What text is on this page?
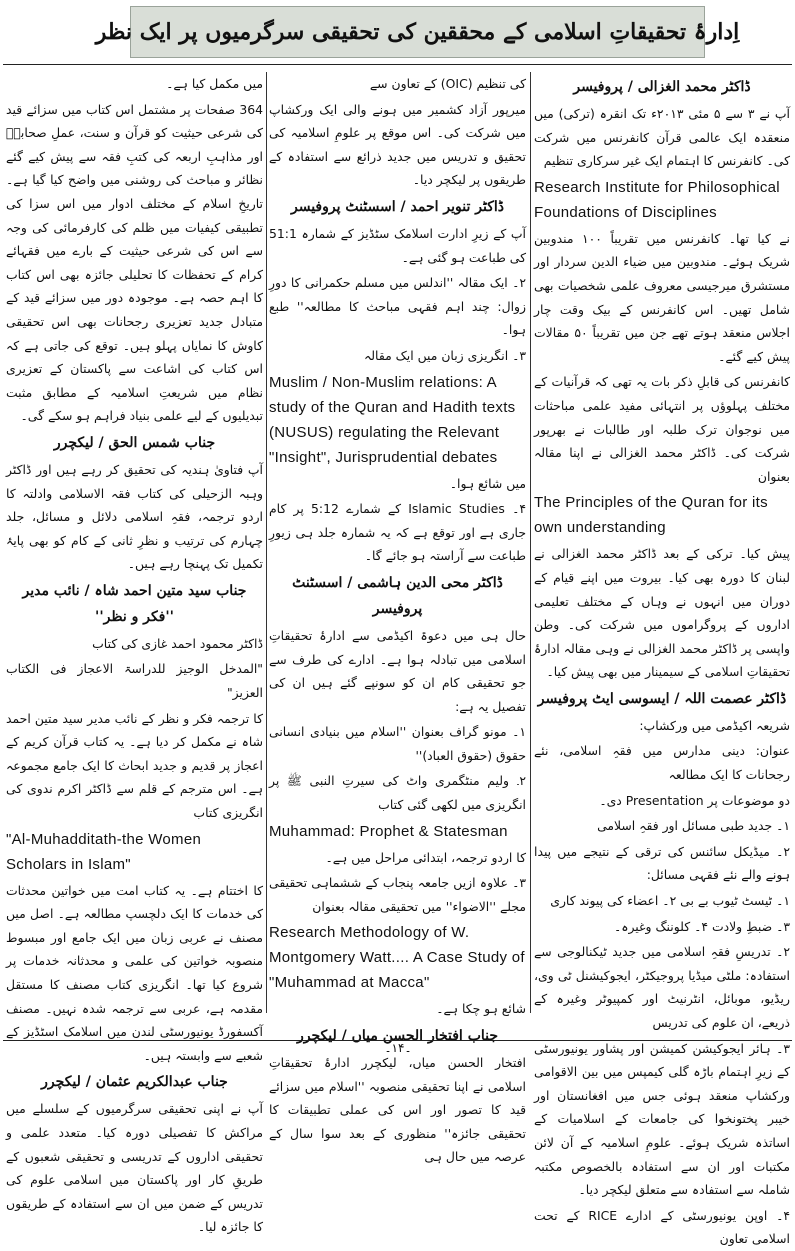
اِدارۂ تحقیقاتِ اسلامی کے محققین کی تحقیقی سرگرمیوں پر ایک نظر
ڈاکٹر محمد الغزالی / پروفیسر

آپ نے ۳ سے ۵ مئی ۲۰۱۳ء تک انقرہ (ترکی) میں منعقدہ ایک عالمی قرآن کانفرنس میں شرکت کی۔ کانفرنس کا اہتمام ایک غیر سرکاری تنظیم

Research Institute for Philosophical Foundations of Disciplines

نے کیا تھا۔ کانفرنس میں تقریباً ۱۰۰ مندوبین شریک ہوئے۔ مندوبین میں ضیاء الدین سردار اور مستشرق میرجیسی معروف علمی شخصیات بھی شامل تھیں۔ اس کانفرنس کے بیک وقت چار اجلاس منعقد ہوتے تھے جن میں تقریباً ۵۰ مقالات پیش کیے گئے۔

کانفرنس کی قابلِ ذکر بات یہ تھی کہ قرآنیات کے مختلف پہلوؤں پر انتہائی مفید علمی مباحثات میں نوجوان ترک طلبہ اور طالبات نے بھرپور شرکت کی۔ ڈاکٹر محمد الغزالی نے اپنا مقالہ بعنوان

The Principles of the Quran for its own understanding

پیش کیا۔ ترکی کے بعد ڈاکٹر محمد الغزالی نے لبنان کا دورہ بھی کیا۔ بیروت میں اپنے قیام کے دوران میں انہوں نے وہاں کے مختلف تعلیمی اداروں کے پروگراموں میں شرکت کی۔ وطن واپسی پر ڈاکٹر محمد الغزالی نے وہی مقالہ ادارۂ تحقیقاتِ اسلامی کے سیمینار میں بھی پیش کیا۔

ڈاکٹر عصمت اللہ / ایسوسی ایٹ پروفیسر

شریعہ اکیڈمی میں ورکشاپ:

عنوان: دینی مدارس میں فقہِ اسلامی، نئے رجحانات کا ایک مطالعہ

دو موضوعات پر Presentation دی۔

۱۔ جدید طبی مسائل اور فقہِ اسلامی

۲۔ میڈیکل سائنس کی ترقی کے نتیجے میں پیدا ہونے والے نئے فقہی مسائل:

۱۔ ٹیسٹ ٹیوب بے بی ۲۔ اعضاء کی پیوند کاری

۳۔ ضبطِ ولادت ۴۔ کلوننگ وغیرہ۔

۲۔ تدریسِ فقہِ اسلامی میں جدید ٹیکنالوجی سے استفادہ: ملٹی میڈیا پروجیکٹر، ایجوکیشنل ٹی وی، ریڈیو، موبائل، انٹرنیٹ اور کمپیوٹر وغیرہ کے ذریعے، ان علوم کی تدریس

۳۔ ہائر ایجوکیشن کمیشن اور پشاور یونیورسٹی کے زیرِ اہتمام باڑہ گلی کیمپس میں بین الاقوامی ورکشاپ منعقد ہوئی جس میں افغانستان اور خیبر پختونخوا کی جامعات کے اسلامیات کے اساتذہ شریک ہوئے۔ علومِ اسلامیہ کے آن لائن مکتبات اور ان سے استفادہ بالخصوص مکتبہ شاملہ سے استفادہ سے متعلق لیکچر دیا۔

۴۔ اوپن یونیورسٹی کے ادارے RICE کے تحت اسلامی تعاون

کی تنظیم (OIC) کے تعاون سے

میرپور آزاد کشمیر میں ہونے والی ایک ورکشاپ میں شرکت کی۔ اس موقع پر علومِ اسلامیہ کی تحقیق و تدریس میں جدید ذرائع سے استفادہ کے طریقوں پر لیکچر دیا۔

ڈاکٹر تنویر احمد / اسسٹنٹ پروفیسر

آپ کے زیرِ ادارت اسلامک سٹڈیز کے شمارہ 51:1 کی طباعت ہو گئی ہے۔

۲۔ ایک مقالہ ''اندلس میں مسلم حکمرانی کا دورِ زوال: چند اہم فقہی مباحث کا مطالعہ'' طبع ہوا۔

۳۔ انگریزی زبان میں ایک مقالہ

Muslim / Non-Muslim relations: A study of the Quran and Hadith texts (NUSUS) regulating the Relevant "Insight", Jurisprudential debates

میں شائع ہوا۔

۴۔ Islamic Studies کے شمارے 5:12 پر کام جاری ہے اور توقع ہے کہ یہ شمارہ جلد ہی زیورِ طباعت سے آراستہ ہو جائے گا۔

ڈاکٹر محی الدین ہاشمی / اسسٹنٹ پروفیسر

حال ہی میں دعوۃ اکیڈمی سے ادارۂ تحقیقاتِ اسلامی میں تبادلہ ہوا ہے۔ ادارے کی طرف سے جو تحقیقی کام ان کو سونپے گئے ہیں ان کی تفصیل یہ ہے:

۱۔ مونو گراف بعنوان ''اسلام میں بنیادی انسانی حقوق (حقوق العباد)''

۲۔ ولیم منٹگمری واٹ کی سیرتِ النبی ﷺ پر انگریزی میں لکھی گئی کتاب

Muhammad: Prophet & Statesman

کا اردو ترجمہ، ابتدائی مراحل میں ہے۔

۳۔ علاوہ ازیں جامعہ پنجاب کے ششماہی تحقیقی مجلے ''الاضواء'' میں تحقیقی مقالہ بعنوان

Research Methodology of W. Montgomery Watt.... A Case Study of "Muhammad at Macca"

شائع ہو چکا ہے۔

جناب افتخار الحسن میاں / لیکچرر

افتخار الحسن میاں، لیکچرر ادارۂ تحقیقاتِ اسلامی نے اپنا تحقیقی منصوبہ ''اسلام میں سزائے قید کا تصور اور اس کی عملی تطبیقات کا تحقیقی جائزہ'' منظوری کے بعد سوا سال کے عرصہ میں حال ہی

میں مکمل کیا ہے۔

364 صفحات پر مشتمل اس کتاب میں سزائے قید کی شرعی حیثیت کو قرآن و سنت، عملِ صحابہؓ اور مذاہبِ اربعہ کی کتبِ فقہ سے پیش کیے گئے نظائر و مباحث کی روشنی میں واضح کیا گیا ہے۔ تاریخِ اسلام کے مختلف ادوار میں اس سزا کی تطبیقی کیفیات میں ظلم کی کارفرمائی کی وجہ سے اس کی شرعی حیثیت کے بارے میں فقہائے کرام کے تحفظات کا تحلیلی جائزہ بھی اس کتاب کا اہم حصہ ہے۔ موجودہ دور میں سزائے قید کے متبادل جدید تعزیری رجحانات بھی اس تحقیقی کاوش کا نمایاں پہلو ہیں۔ توقع کی جاتی ہے کہ اس کتاب کی اشاعت سے پاکستان کے تعزیری نظام میں شریعتِ اسلامیہ کے مطابق مثبت تبدیلیوں کے لیے علمی بنیاد فراہم ہو سکے گی۔

جناب شمس الحق / لیکچرر

آپ فتاویٰ ہندیہ کی تحقیق کر رہے ہیں اور ڈاکٹر وہبہ الزحیلی کی کتاب فقہ الاسلامی وادلتہ کا اردو ترجمہ، فقہِ اسلامی دلائل و مسائل، جلد چہارم کی ترتیب و نظرِ ثانی کے کام کو بھی پایۂ تکمیل تک پہنچا رہے ہیں۔

جناب سید متین احمد شاہ / نائب مدیر ''فکر و نظر''

ڈاکٹر محمود احمد غازی کی کتاب

"المدخل الوجیز للدراسۃ الاعجاز فی الکتاب العزیز"

کا ترجمہ فکر و نظر کے نائب مدیر سید متین احمد شاہ نے مکمل کر دیا ہے۔ یہ کتاب قرآن کریم کے اعجاز پر قدیم و جدید ابحاث کا ایک جامع مجموعہ ہے۔ اس مترجم کے قلم سے ڈاکٹر اکرم ندوی کی انگریزی کتاب

"Al-Muhadditath-the Women Scholars in Islam"

کا اختتام ہے۔ یہ کتاب امت میں خواتین محدثات کی خدمات کا ایک دلچسپ مطالعہ ہے۔ اصل میں مصنف نے عربی زبان میں ایک جامع اور مبسوط منصوبہ خواتین کی علمی و محدثانہ خدمات پر شروع کیا تھا۔ انگریزی کتاب مصنف کا مستقل مقدمہ ہے، عربی سے ترجمہ شدہ نہیں۔ مصنف آکسفورڈ یونیورسٹی لندن میں اسلامک اسٹڈیز کے شعبے سے وابستہ ہیں۔

جناب عبدالکریم عثمان / لیکچرر

آپ نے اپنی تحقیقی سرگرمیوں کے سلسلے میں مراکش کا تفصیلی دورہ کیا۔ متعدد علمی و تحقیقی اداروں کے تدریسی و تحقیقی شعبوں کے طریقِ کار اور پاکستان میں اسلامی علوم کی تدریس کے ضمن میں ان سے استفادہ کے طریقوں کا جائزہ لیا۔

۔۱۴۔
